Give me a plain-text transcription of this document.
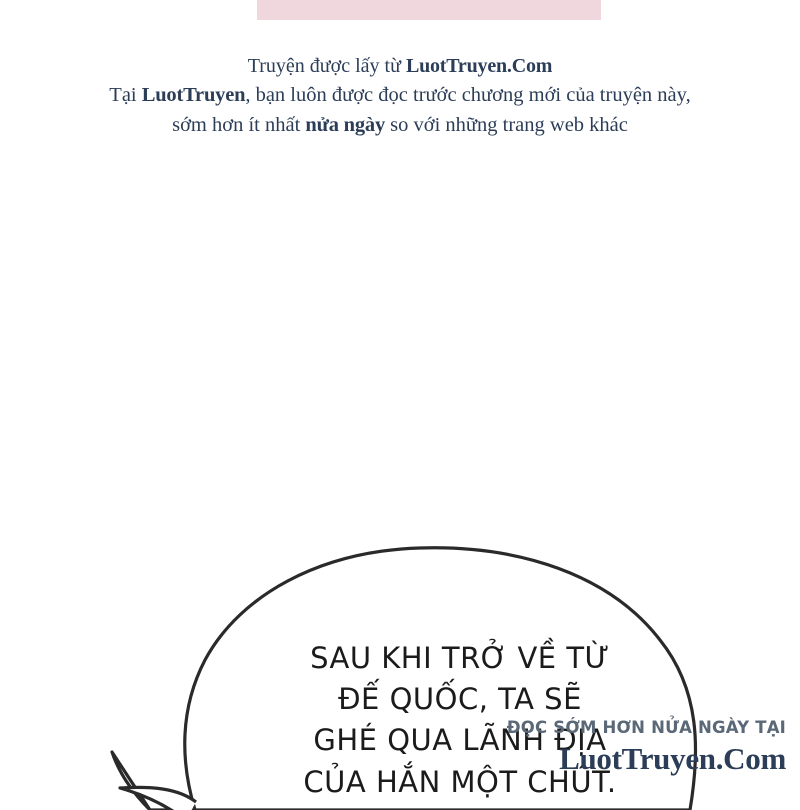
Truyện được lấy từ LuotTruyen.Com
Tại LuotTruyen, bạn luôn được đọc trước chương mới của truyện này,
sớm hơn ít nhất nửa ngày so với những trang web khác
SAU KHI TRỞ VỀ TỪ
ĐẾ QUỐC, TA SẼ
GHÉ QUA LÃNH ĐỊA
CỦA HẮN MỘT CHÚT.
ĐỌC SỚM HƠN NỬA NGÀY TẠI
LuotTruyen.Com
